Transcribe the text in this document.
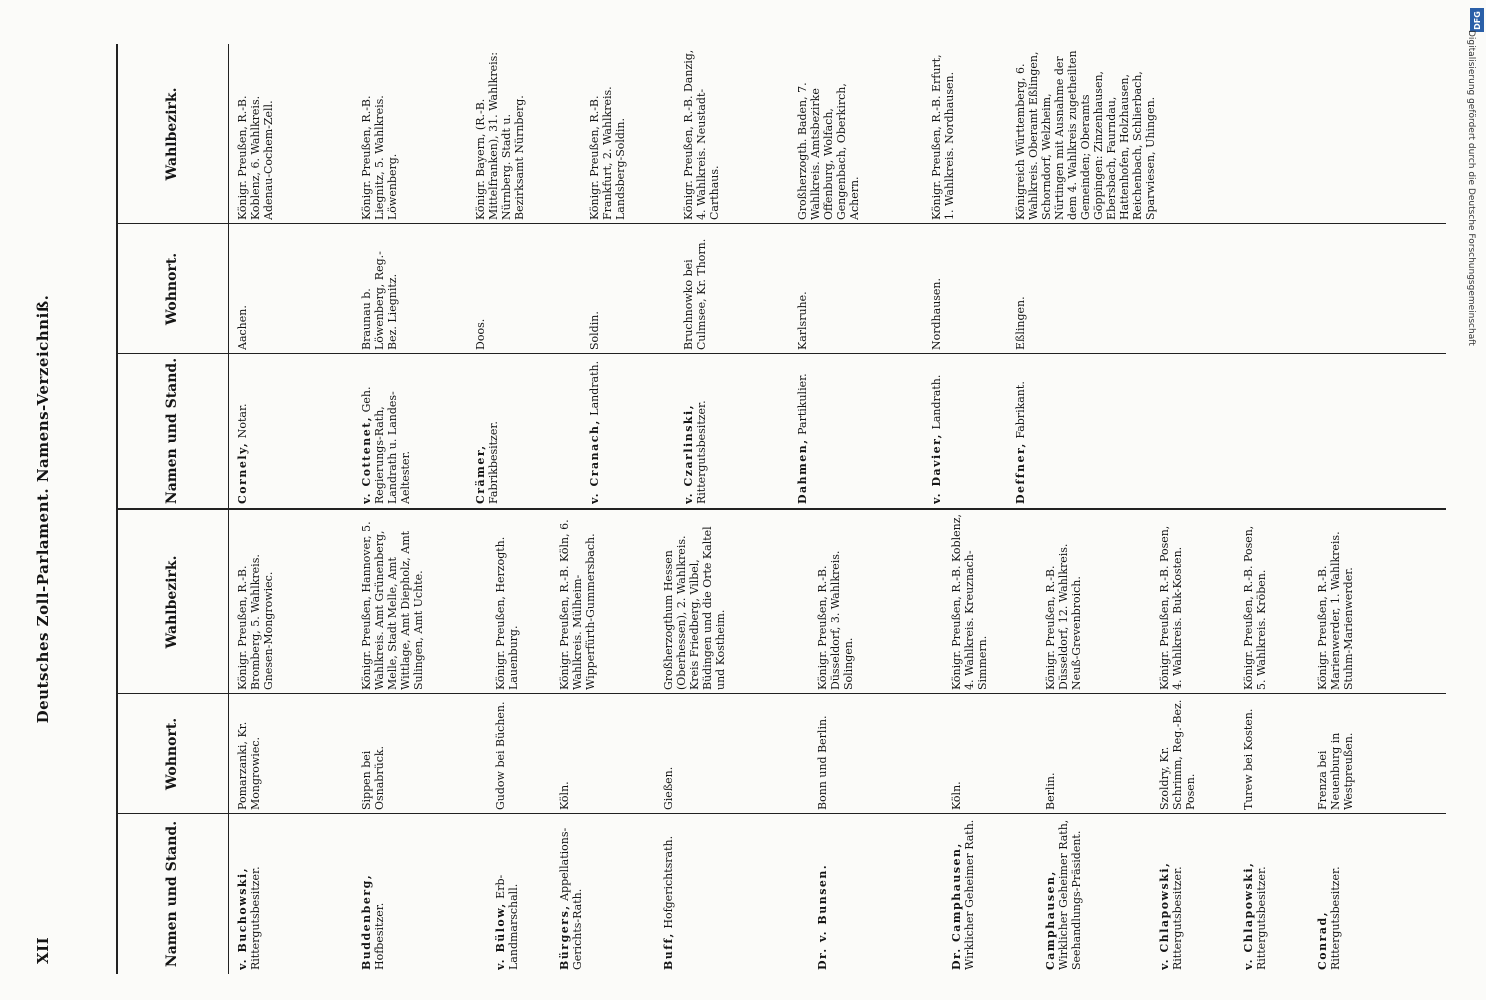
XII
Deutsches Zoll-Parlament. Namens-Verzeichniß.
Namen und Stand.
Wohnort.
Wahlbezirk.
Namen und Stand.
Wohnort.
Wahlbezirk.
v. Buchowski, Rittergutsbesitzer.
Pomarzanki, Kr. Mongrowiec.
Königr. Preußen, R.-B. Bromberg, 5. Wahlkreis. Gnesen-Mongrowiec.
Buddenberg, Hofbesitzer.
Sippen bei Osnabrück.
Königr. Preußen, Hannover, 5. Wahlkreis. Amt Grünenberg, Melle, Stadt Melle, Amt Wittlage, Amt Diepholz, Amt Sulingen, Amt Uchte.
v. Bülow, Erb-Landmarschall.
Gudow bei Büchen.
Königr. Preußen, Herzogth. Lauenburg.
Bürgers, Appellations-Gerichts-Rath.
Köln.
Königr. Preußen, R.-B. Köln, 6. Wahlkreis. Mülheim-Wipperfürth-Gummersbach.
Buff, Hofgerichtsrath.
Gießen.
Großherzogthum Hessen (Oberhessen), 2. Wahlkreis. Kreis Friedberg, Vilbel, Büdingen und die Orte Kaltel und Kostheim.
Dr. v. Bunsen.
Bonn und Berlin.
Königr. Preußen, R.-B. Düsseldorf, 3. Wahlkreis. Solingen.
Dr. Camphausen, Wirklicher Geheimer Rath.
Köln.
Königr. Preußen, R.-B. Koblenz, 4. Wahlkreis. Kreuznach-Simmern.
Camphausen, Wirklicher Geheimer Rath, Seehandlungs-Präsident.
Berlin.
Königr. Preußen, R.-B. Düsseldorf, 12. Wahlkreis. Neuß-Grevenbroich.
v. Chlapowski, Rittergutsbesitzer.
Szoldry, Kr. Schrimm, Reg.-Bez. Posen.
Königr. Preußen, R.-B. Posen, 4. Wahlkreis. Buk-Kosten.
v. Chlapowski, Rittergutsbesitzer.
Turew bei Kosten.
Königr. Preußen, R.-B. Posen, 5. Wahlkreis. Kröben.
Conrad, Rittergutsbesitzer.
Frenza bei Neuenburg in Westpreußen.
Königr. Preußen, R.-B. Marienwerder, 1. Wahlkreis. Stuhm-Marienwerder.
Cornely, Notar.
Aachen.
Königr. Preußen, R.-B. Koblenz, 6. Wahlkreis. Adenau-Cochem-Zell.
v. Cottenet, Geh. Regierungs-Rath, Landrath u. Landes-Aeltester.
Braunau b. Löwenberg, Reg.-Bez. Liegnitz.
Königr. Preußen, R.-B. Liegnitz, 5. Wahlkreis. Löwenberg.
Crämer, Fabrikbesitzer.
Doos.
Königr. Bayern, (R.-B. Mittelfranken), 31. Wahlkreis: Nürnberg. Stadt u. Bezirksamt Nürnberg.
v. Cranach, Landrath.
Soldin.
Königr. Preußen, R.-B. Frankfurt, 2. Wahlkreis. Landsberg-Soldin.
v. Czarlinski, Rittergutsbesitzer.
Bruchnowko bei Culmsee, Kr. Thorn.
Königr. Preußen, R.-B. Danzig, 4. Wahlkreis. Neustadt-Carthaus.
Dahmen, Partikulier.
Karlsruhe.
Großherzogth. Baden, 7. Wahlkreis. Amtsbezirke Offenburg, Wolfach, Gengenbach, Oberkirch, Achern.
v. Davier, Landrath.
Nordhausen.
Königr. Preußen, R.-B. Erfurt, 1. Wahlkreis. Nordhausen.
Deffner, Fabrikant.
Eßlingen.
Königreich Württemberg, 6. Wahlkreis. Oberamt Eßlingen, Schorndorf, Welzheim, Nürtingen mit Ausnahme der dem 4. Wahlkreis zugetheilten Gemeinden; Oberamts Göppingen: Zinzenhausen, Ebersbach, Faurndau, Hattenhofen, Holzhausen, Reichenbach, Schlierbach, Sparwiesen, Uhingen.
DFG
Digitalisierung gefördert durch die Deutsche Forschungsgemeinschaft
